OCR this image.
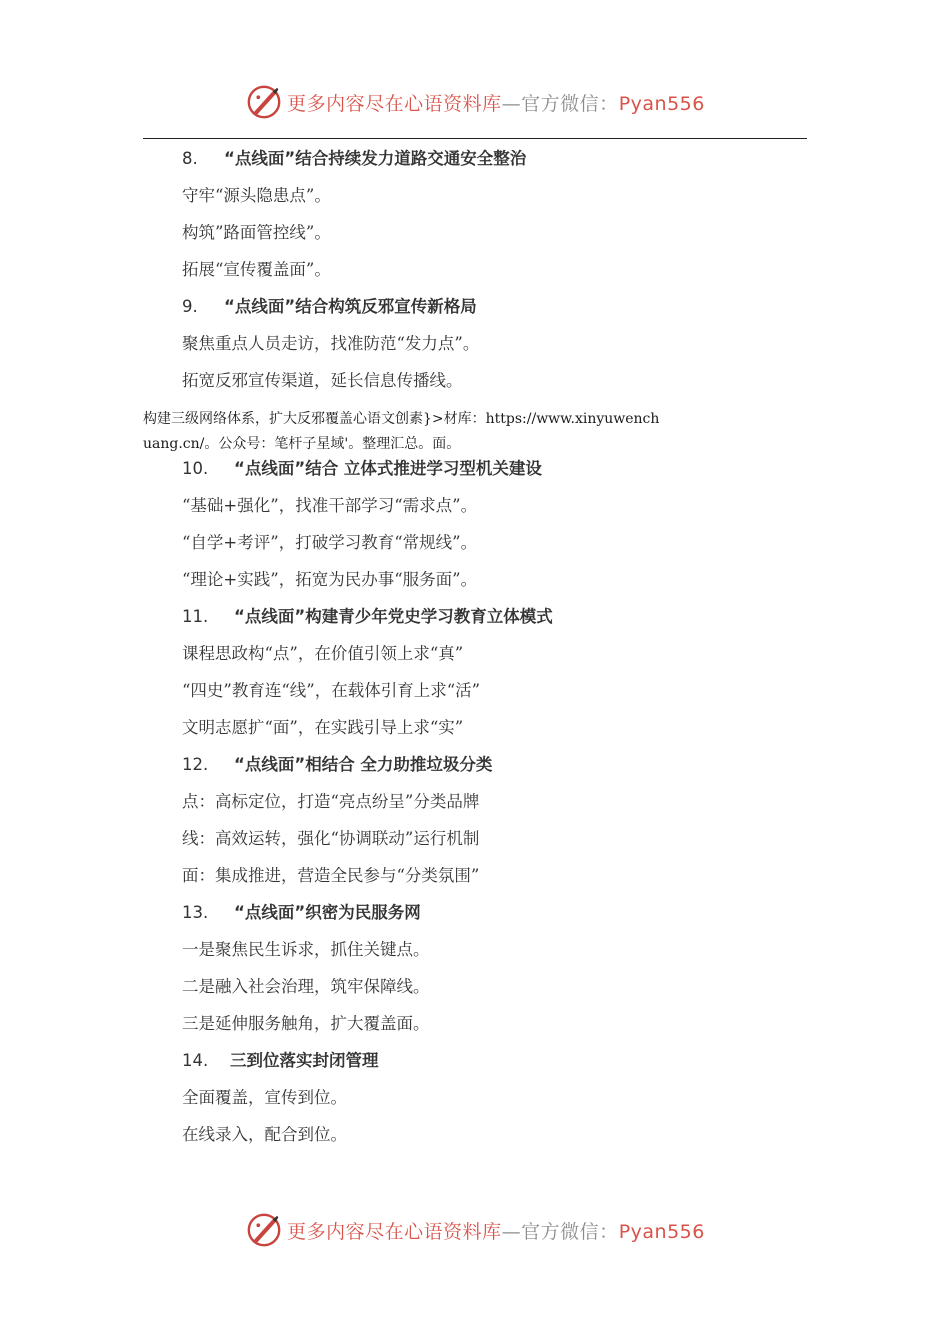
更多内容尽在心语资料库—官方微信：Pyan556
8. “点线面”结合持续发力道路交通安全整治
守牢“源头隐患点”。
构筑”路面管控线”。
拓展“宣传覆盖面”。
9. “点线面”结合构筑反邪宣传新格局
聚焦重点人员走访，找准防范“发力点”。
拓宽反邪宣传渠道，延长信息传播线。
构建三级网络体系，扩大反邪覆盖心语文创素}>材库：https://www.xinyuwenchuang.cn/。公众号：笔杆子星域'。整理汇总。面。
10. “点线面”结合 立体式推进学习型机关建设
“基础+强化”，找准干部学习“需求点”。
“自学+考评”，打破学习教育“常规线”。
“理论+实践”，拓宽为民办事“服务面”。
11. “点线面”构建青少年党史学习教育立体模式
课程思政构“点”，在价值引领上求“真”
“四史”教育连“线”，在载体引育上求“活”
文明志愿扩“面”，在实践引导上求“实”
12. “点线面”相结合 全力助推垃圾分类
点：高标定位，打造“亮点纷呈”分类品牌
线：高效运转，强化“协调联动”运行机制
面：集成推进，营造全民参与“分类氛围”
13. “点线面”织密为民服务网
一是聚焦民生诉求，抓住关键点。
二是融入社会治理，筑牢保障线。
三是延伸服务触角，扩大覆盖面。
14. 三到位落实封闭管理
全面覆盖，宣传到位。
在线录入，配合到位。
更多内容尽在心语资料库—官方微信：Pyan556
